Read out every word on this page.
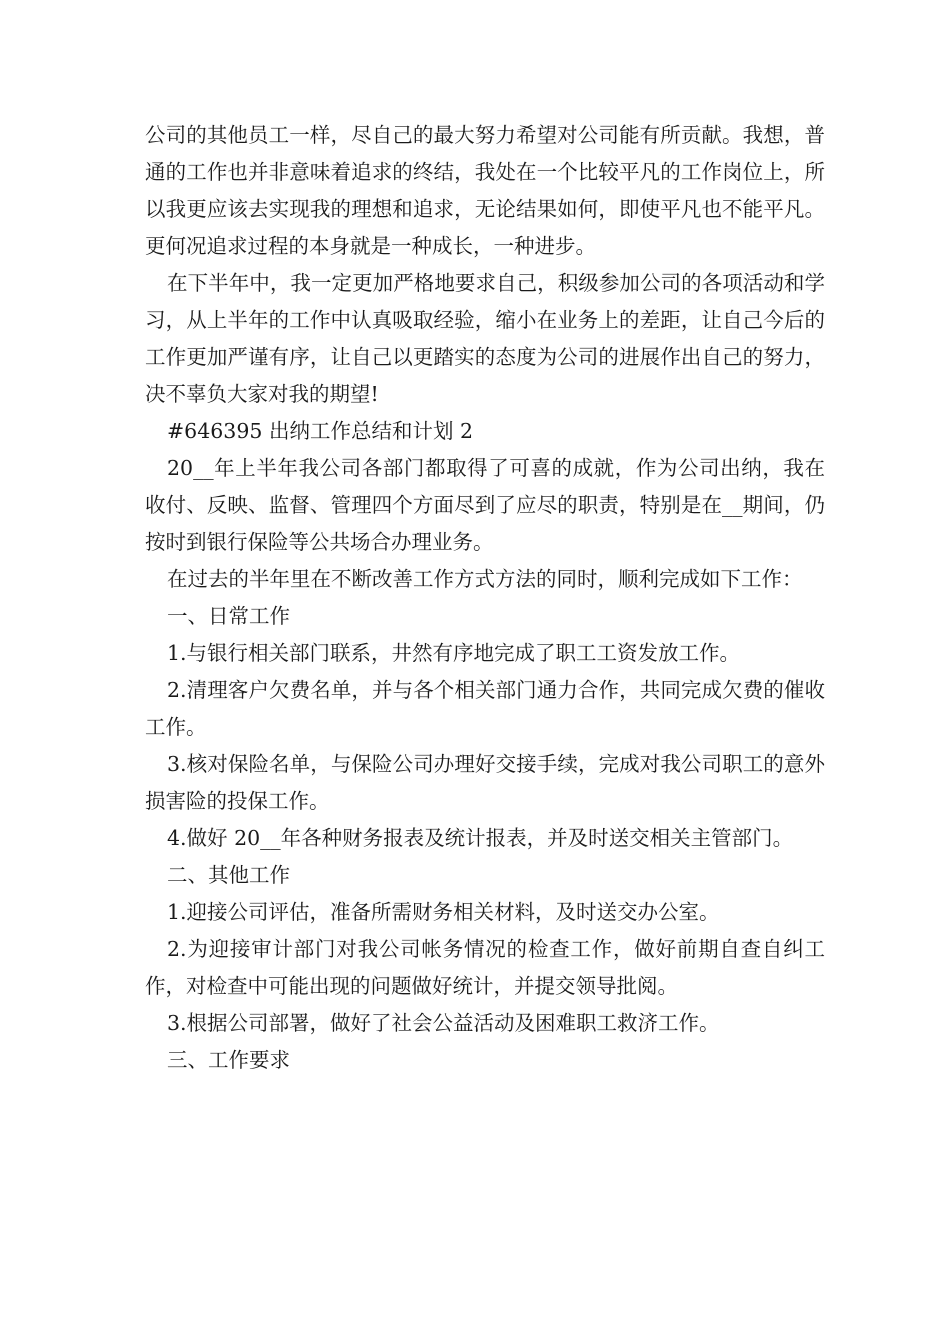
公司的其他员工一样，尽自己的最大努力希望对公司能有所贡献。我想，普通的工作也并非意味着追求的终结，我处在一个比较平凡的工作岗位上，所以我更应该去实现我的理想和追求，无论结果如何，即使平凡也不能平凡。更何况追求过程的本身就是一种成长，一种进步。

在下半年中，我一定更加严格地要求自己，积级参加公司的各项活动和学习，从上半年的工作中认真吸取经验，缩小在业务上的差距，让自己今后的工作更加严谨有序，让自己以更踏实的态度为公司的进展作出自己的努力，决不辜负大家对我的期望!

#646395 出纳工作总结和计划 2

20__年上半年我公司各部门都取得了可喜的成就，作为公司出纳，我在收付、反映、监督、管理四个方面尽到了应尽的职责，特别是在__期间，仍按时到银行保险等公共场合办理业务。

在过去的半年里在不断改善工作方式方法的同时，顺利完成如下工作：

一、日常工作

1.与银行相关部门联系，井然有序地完成了职工工资发放工作。

2.清理客户欠费名单，并与各个相关部门通力合作，共同完成欠费的催收工作。

3.核对保险名单，与保险公司办理好交接手续，完成对我公司职工的意外损害险的投保工作。

4.做好 20__年各种财务报表及统计报表，并及时送交相关主管部门。

二、其他工作

1.迎接公司评估，准备所需财务相关材料，及时送交办公室。

2.为迎接审计部门对我公司帐务情况的检查工作，做好前期自查自纠工作，对检查中可能出现的问题做好统计，并提交领导批阅。

3.根据公司部署，做好了社会公益活动及困难职工救济工作。

三、工作要求
